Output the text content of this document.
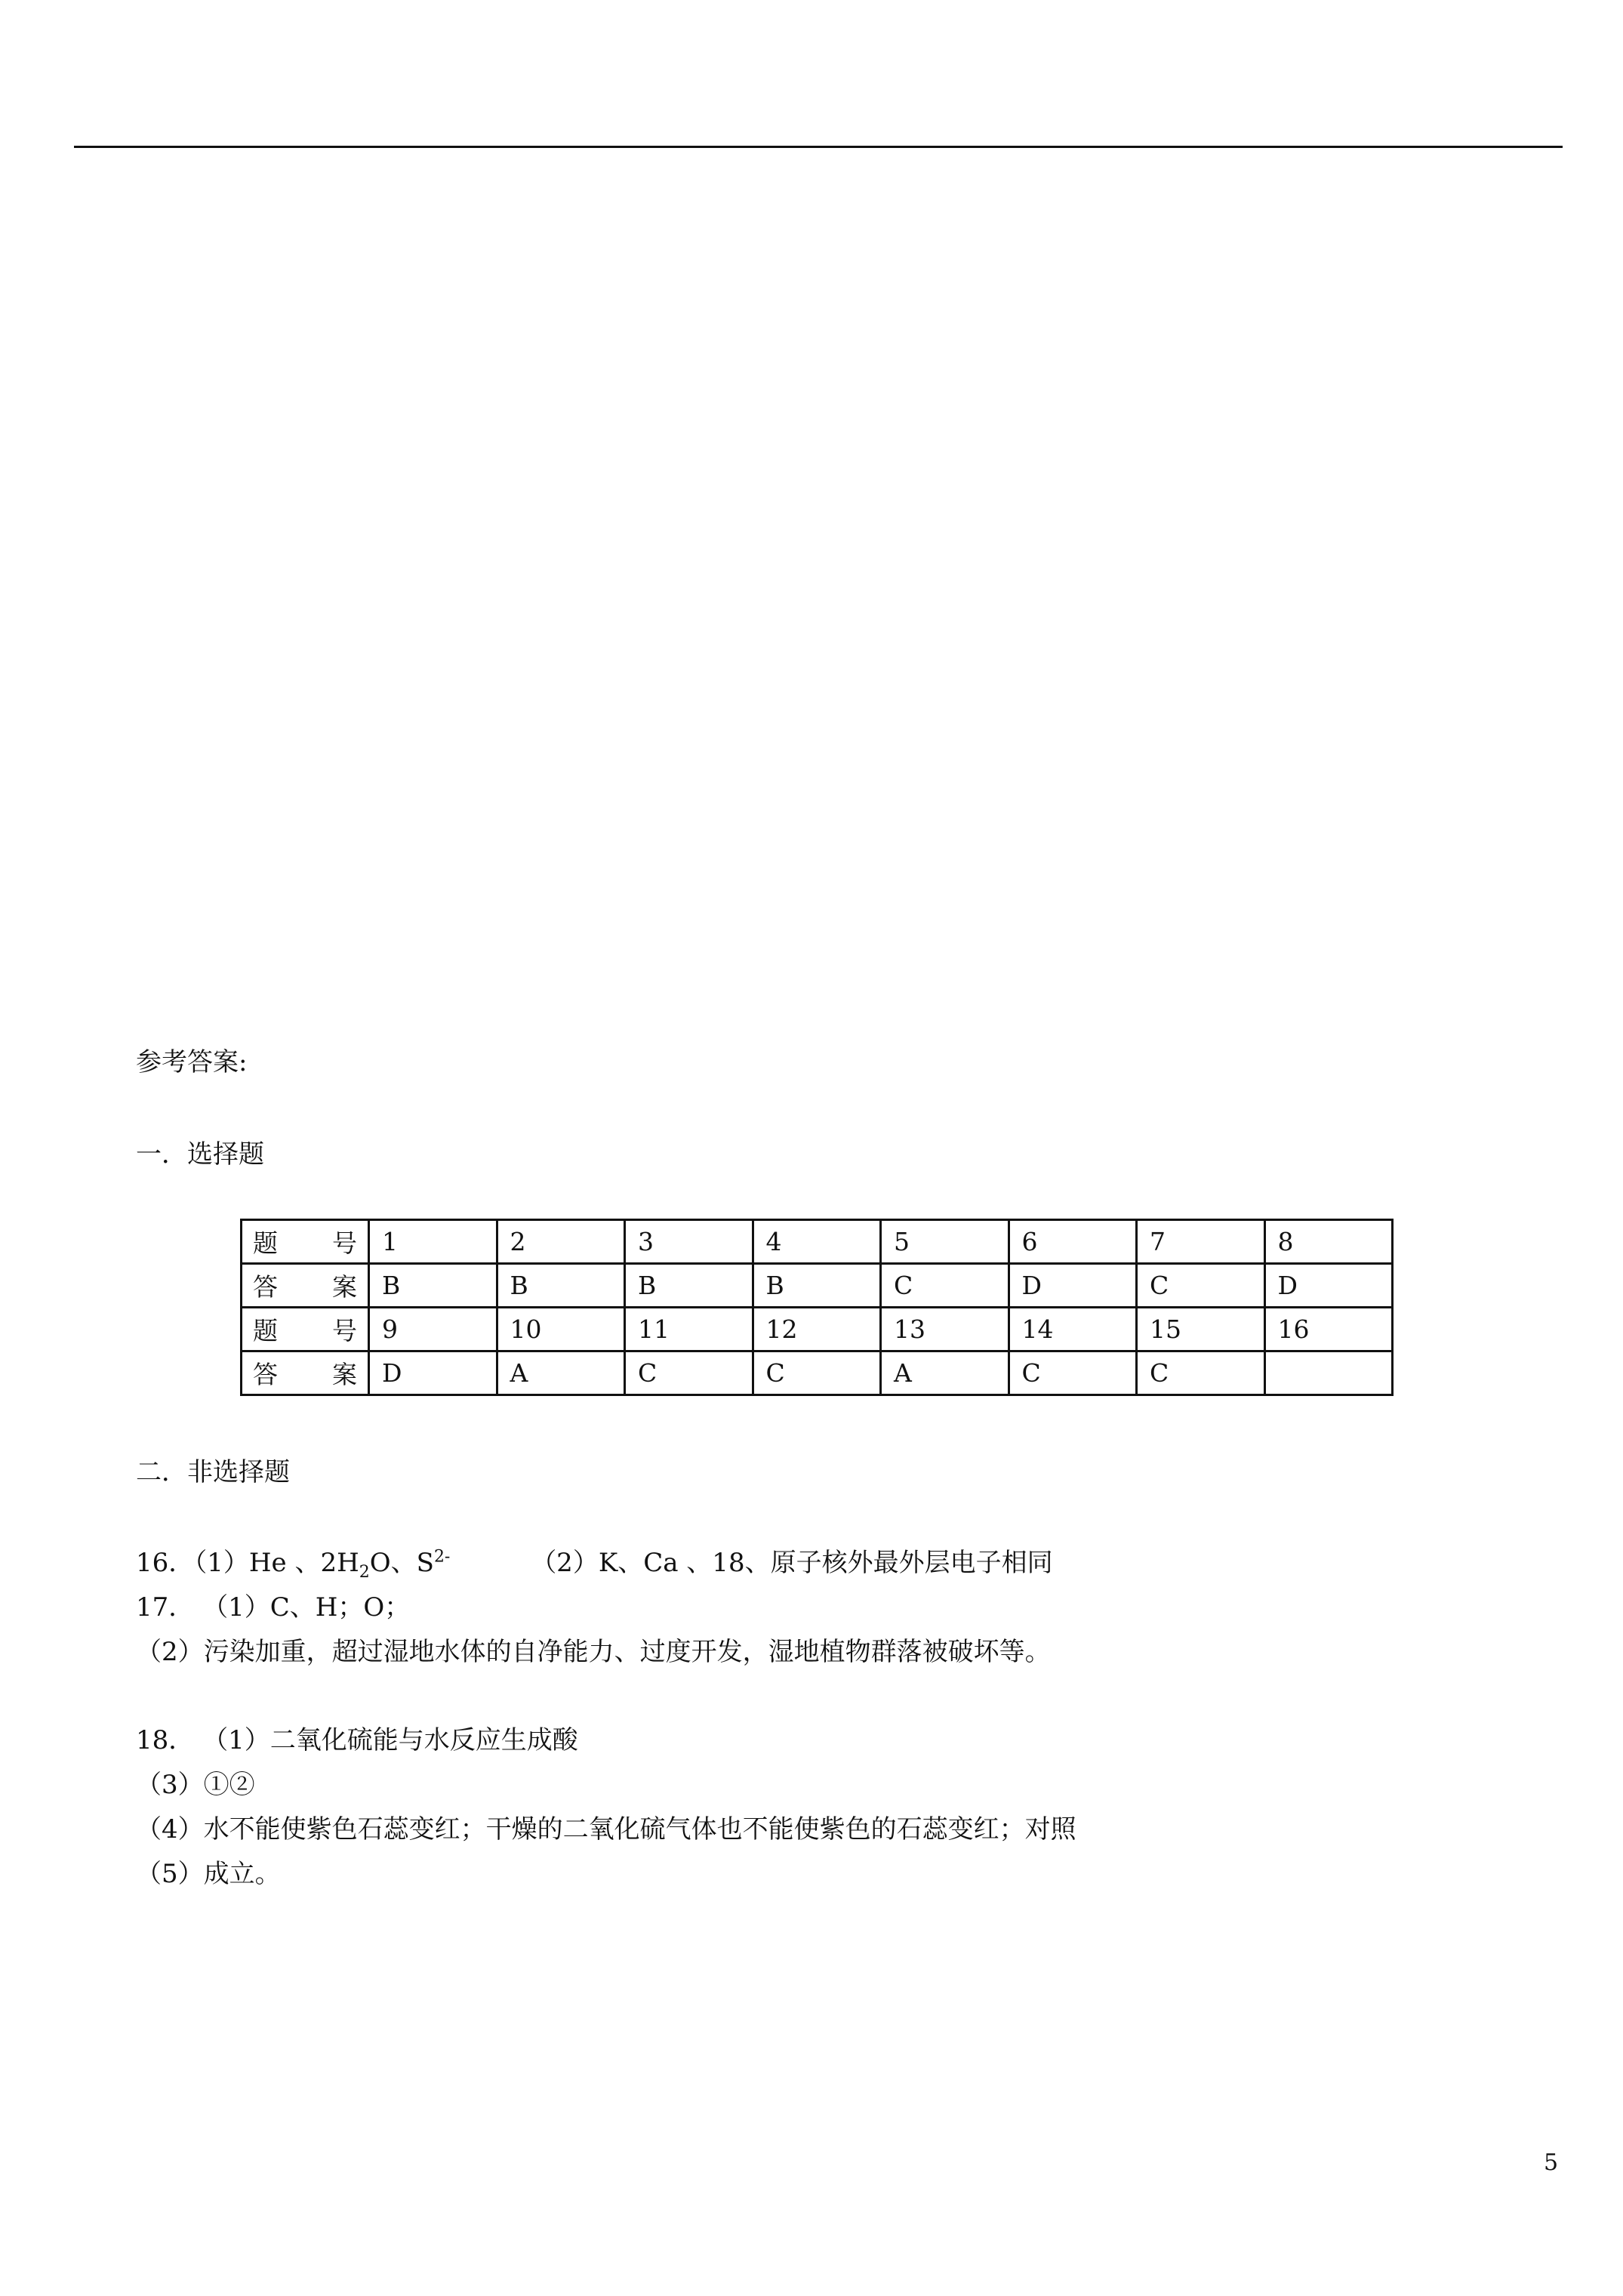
参考答案:
一．选择题
题 号	1	2	3	4	5	6	7	8

答 案	B	B	B	B	C	D	C	D

题 号	9	10	11	12	13	14	15	16

答 案	D	A	C	C	A	C	C	
二．非选择题
16．（1）He 、$2H_2O$、$S^{2-}$	（2）K、Ca 、18、原子核外最外层电子相同
17． （1）C、H；O；
（2）污染加重，超过湿地水体的自净能力、过度开发，湿地植物群落被破坏等。
18． （1）二氧化硫能与水反应生成酸
（3）①②
（4）水不能使紫色石蕊变红；干燥的二氧化硫气体也不能使紫色的石蕊变红；对照
（5）成立。
5
